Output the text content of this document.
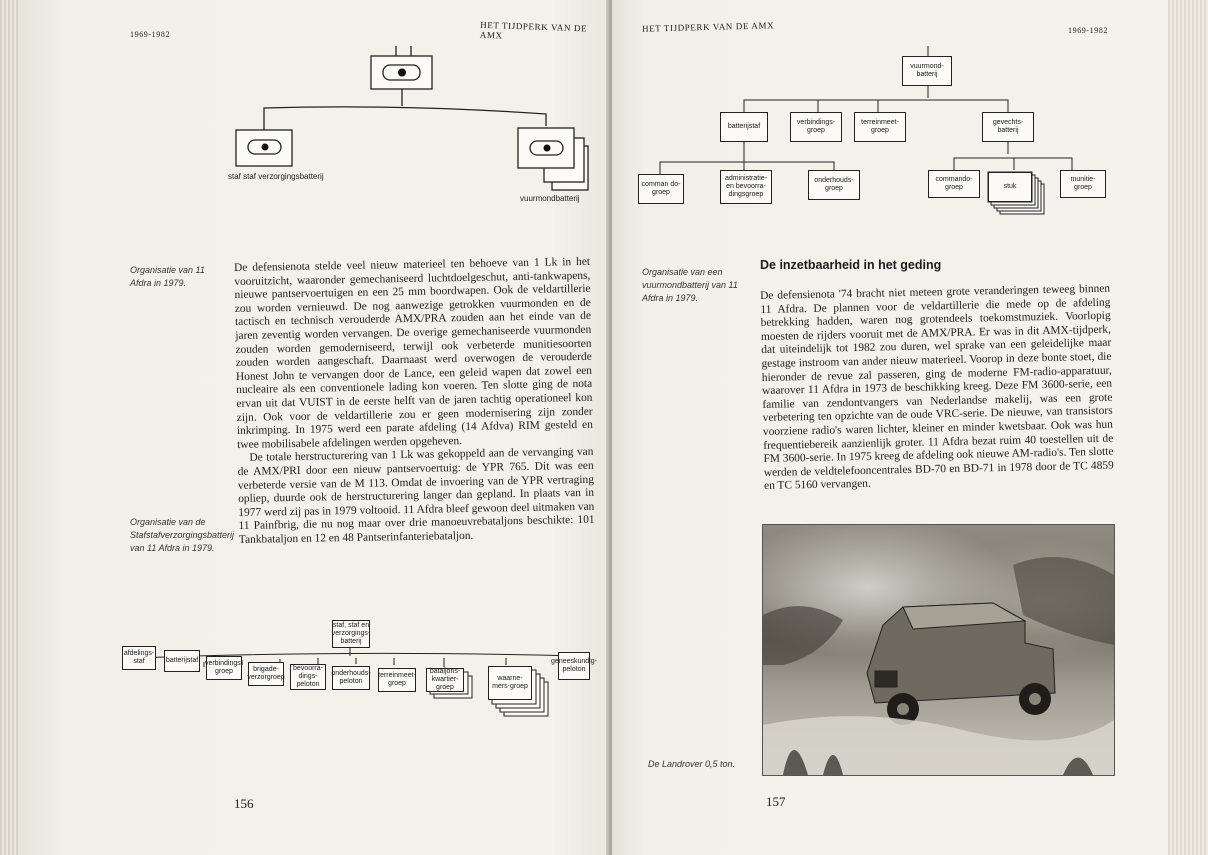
1969-1982
HET TIJDPERK VAN DE AMX
staf staf verzorgingsbatterij
vuurmondbatterij
Organisatie van 11 Afdra in 1979.
Organisatie van de Stafstafverzorgingsbatterij van 11 Afdra in 1979.

De defensienota stelde veel nieuw materieel ten behoeve van 1 Lk in het vooruitzicht, waaronder gemechaniseerd luchtdoelgeschut, anti-tankwapens, nieuwe pantservoertuigen en een 25 mm boordwapen. Ook de veldartillerie zou worden vernieuwd. De nog aanwezige getrokken vuurmonden en de tactisch en technisch verouderde AMX/PRA zouden aan het einde van de jaren zeventig worden vervangen. De overige gemechaniseerde vuurmonden zouden worden gemoderniseerd, terwijl ook verbeterde munitiesoorten zouden worden aangeschaft. Daarnaast werd overwogen de verouderde Honest John te vervangen door de Lance, een geleid wapen dat zowel een nucleaire als een conventionele lading kon voeren. Ten slotte ging de nota ervan uit dat VUIST in de eerste helft van de jaren tachtig operationeel kon zijn. Ook voor de veldartillerie zou er geen modernisering zijn zonder inkrimping. In 1975 werd een parate afdeling (14 Afdva) RIM gesteld en twee mobilisabele afdelingen werden opgeheven.

De totale herstructurering van 1 Lk was gekoppeld aan de vervanging van de AMX/PRI door een nieuw pantservoertuig: de YPR 765. Dit was een verbeterde versie van de M 113. Omdat de invoering van de YPR vertraging opliep, duurde ook de herstructurering langer dan gepland. In plaats van in 1977 werd zij pas in 1979 voltooid. 11 Afdra bleef gewoon deel uitmaken van 11 Painfbrig, die nu nog maar over drie manoeuvrebataljons beschikte: 101 Tankbataljon en 12 en 48 Pantserinfanteriebataljon.

staf, staf en verzorgings-batterij
afdelings-staf	batterijstaf verbindings-groep	brigade-verzorgroep
bevoorra-dings-peloton
onderhouds-peloton
terreinmeet-groep
bataljons-kwartier-groep
waarne-mers-groep
geneeskundig-peloton
156
HET TIJDPERK VAN DE AMX	1969-1982
vuurmond-batterij
batterijstaf
verbindings-groep
terreinmeet-groep
gevechts-batterij
comman do-groep
administratie-en bevoorra-dingsgroep
onderhouds-groep
commando-groep	stuk
munitie-groep
Organisatie van een vuurmondbatterij van 11 Afdra in 1979.
De inzetbaarheid in het geding

De defensienota '74 bracht niet meteen grote veranderingen teweeg binnen 11 Afdra. De plannen voor de veldartillerie die mede op de afdeling betrekking hadden, waren nog grotendeels toekomstmuziek. Voorlopig moesten de rijders vooruit met de AMX/PRA. Er was in dit AMX-tijdperk, dat uiteindelijk tot 1982 zou duren, wel sprake van een geleidelijke maar gestage instroom van ander nieuw materieel. Voorop in deze bonte stoet, die hieronder de revue zal passeren, ging de moderne FM-radio-apparatuur, waarover 11 Afdra in 1973 de beschikking kreeg. Deze FM 3600-serie, een familie van zendontvangers van Nederlandse makelij, was een grote verbetering ten opzichte van de oude VRC-serie. De nieuwe, van transistors voorziene radio's waren lichter, kleiner en minder kwetsbaar. Ook was hun frequentiebereik aanzienlijk groter. 11 Afdra bezat ruim 40 toestellen uit de FM 3600-serie. In 1975 kreeg de afdeling ook nieuwe AM-radio's. Ten slotte werden de veldtelefooncentrales BD-70 en BD-71 in 1978 door de TC 4859 en TC 5160 vervangen.

De Landrover 0,5 ton.
157
